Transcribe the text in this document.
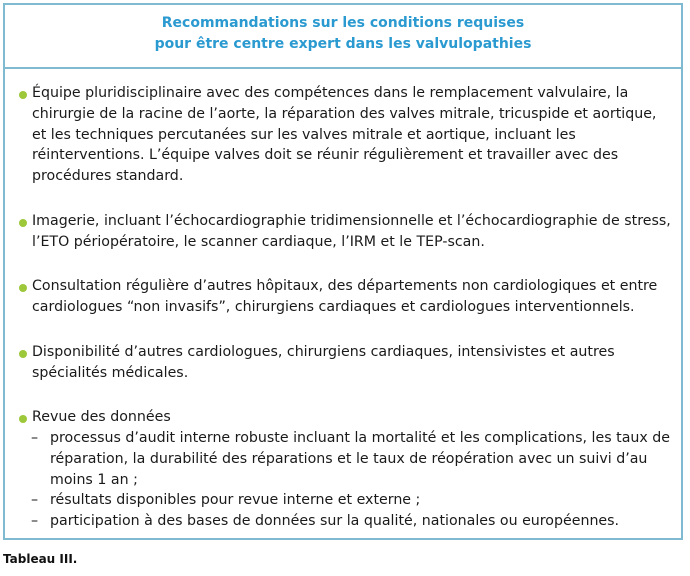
Recommandations sur les conditions requises
pour être centre expert dans les valvulopathies
Équipe pluridisciplinaire avec des compétences dans le remplacement valvulaire, la chirurgie de la racine de l’aorte, la réparation des valves mitrale, tricuspide et aortique, et les techniques percutanées sur les valves mitrale et aortique, incluant les réinterventions. L’équipe valves doit se réunir régulièrement et travailler avec des procédures standard.
Imagerie, incluant l’échocardiographie tridimensionnelle et l’échocardiographie de stress, l’ETO périopératoire, le scanner cardiaque, l’IRM et le TEP-scan.
Consultation régulière d’autres hôpitaux, des départements non cardiologiques et entre cardiologues “non invasifs”, chirurgiens cardiaques et cardiologues interventionnels.
Disponibilité d’autres cardiologues, chirurgiens cardiaques, intensivistes et autres spécialités médicales.
Revue des données
– processus d’audit interne robuste incluant la mortalité et les complications, les taux de réparation, la durabilité des réparations et le taux de réopération avec un suivi d’au moins 1 an ;
– résultats disponibles pour revue interne et externe ;
– participation à des bases de données sur la qualité, nationales ou européennes.
Tableau III.
